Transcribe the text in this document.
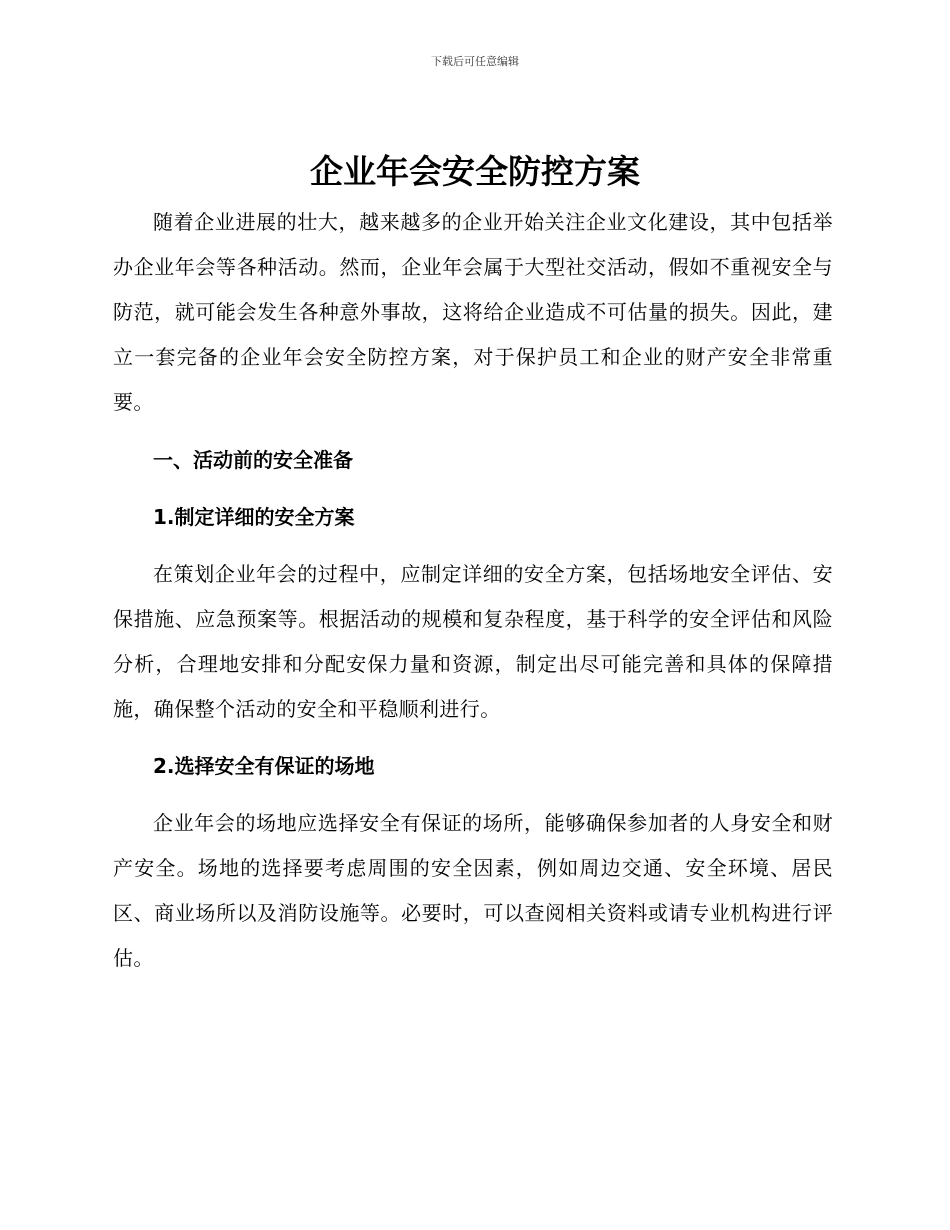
下载后可任意编辑
企业年会安全防控方案

随着企业进展的壮大，越来越多的企业开始关注企业文化建设，其中包括举办企业年会等各种活动。然而，企业年会属于大型社交活动，假如不重视安全与防范，就可能会发生各种意外事故，这将给企业造成不可估量的损失。因此，建立一套完备的企业年会安全防控方案，对于保护员工和企业的财产安全非常重要。

一、活动前的安全准备

1.制定详细的安全方案

在策划企业年会的过程中，应制定详细的安全方案，包括场地安全评估、安保措施、应急预案等。根据活动的规模和复杂程度，基于科学的安全评估和风险分析，合理地安排和分配安保力量和资源，制定出尽可能完善和具体的保障措施，确保整个活动的安全和平稳顺利进行。

2.选择安全有保证的场地

企业年会的场地应选择安全有保证的场所，能够确保参加者的人身安全和财产安全。场地的选择要考虑周围的安全因素，例如周边交通、安全环境、居民区、商业场所以及消防设施等。必要时，可以查阅相关资料或请专业机构进行评估。
